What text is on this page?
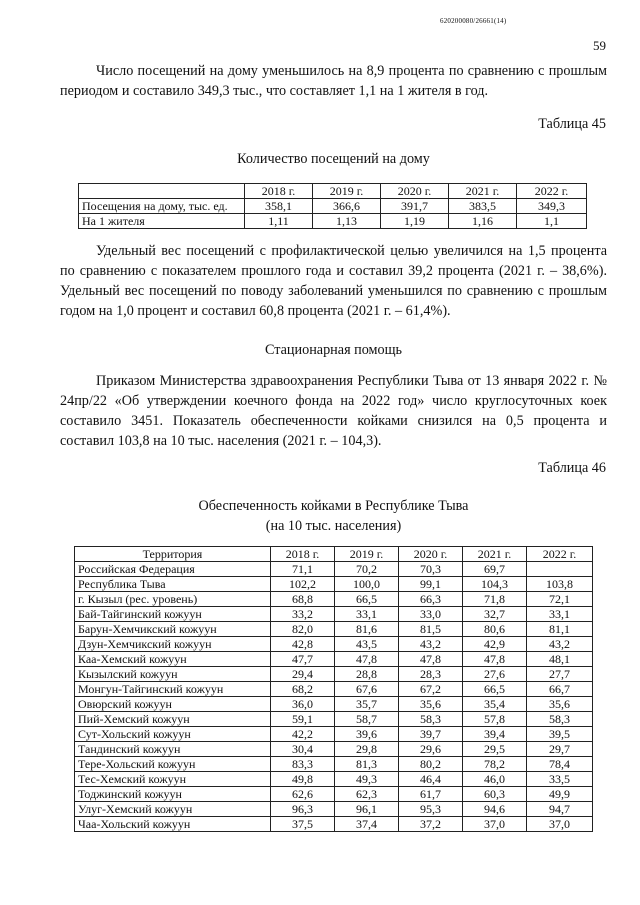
620200080/26661(14)
59

Число посещений на дому уменьшилось на 8,9 процента по сравнению с прошлым периодом и составило 349,3 тыс., что составляет 1,1 на 1 жителя в год.

Таблица 45
Количество посещений на дому
	2018 г.	2019 г.	2020 г.	2021 г.	2022 г.
Посещения на дому, тыс. ед.	358,1	366,6	391,7	383,5	349,3
На 1 жителя	1,11	1,13	1,19	1,16	1,1

Удельный вес посещений с профилактической целью увеличился на 1,5 процента по сравнению с показателем прошлого года и составил 39,2 процента (2021 г. – 38,6%). Удельный вес посещений по поводу заболеваний уменьшился по сравнению с прошлым годом на 1,0 процент и составил 60,8 процента (2021 г. – 61,4%).

Стационарная помощь

Приказом Министерства здравоохранения Республики Тыва от 13 января 2022 г. № 24пр/22 «Об утверждении коечного фонда на 2022 год» число круглосуточных коек составило 3451. Показатель обеспеченности койками снизился на 0,5 процента и составил 103,8 на 10 тыс. населения (2021 г. – 104,3).

Таблица 46
Обеспеченность койками в Республике Тыва
(на 10 тыс. населения)
Территория	2018 г.	2019 г.	2020 г.	2021 г.	2022 г.
Российская Федерация	71,1	70,2	70,3	69,7	
Республика Тыва	102,2	100,0	99,1	104,3	103,8
г. Кызыл (рес. уровень)	68,8	66,5	66,3	71,8	72,1
Бай-Тайгинский кожуун	33,2	33,1	33,0	32,7	33,1
Барун-Хемчикский кожуун	82,0	81,6	81,5	80,6	81,1
Дзун-Хемчикский кожуун	42,8	43,5	43,2	42,9	43,2
Каа-Хемский кожуун	47,7	47,8	47,8	47,8	48,1
Кызылский кожуун	29,4	28,8	28,3	27,6	27,7
Монгун-Тайгинский кожуун	68,2	67,6	67,2	66,5	66,7
Овюрский кожуун	36,0	35,7	35,6	35,4	35,6
Пий-Хемский кожуун	59,1	58,7	58,3	57,8	58,3
Сут-Хольский кожуун	42,2	39,6	39,7	39,4	39,5
Тандинский кожуун	30,4	29,8	29,6	29,5	29,7
Тере-Хольский кожуун	83,3	81,3	80,2	78,2	78,4
Тес-Хемский кожуун	49,8	49,3	46,4	46,0	33,5
Тоджинский кожуун	62,6	62,3	61,7	60,3	49,9
Улуг-Хемский кожуун	96,3	96,1	95,3	94,6	94,7
Чаа-Хольский кожуун	37,5	37,4	37,2	37,0	37,0
